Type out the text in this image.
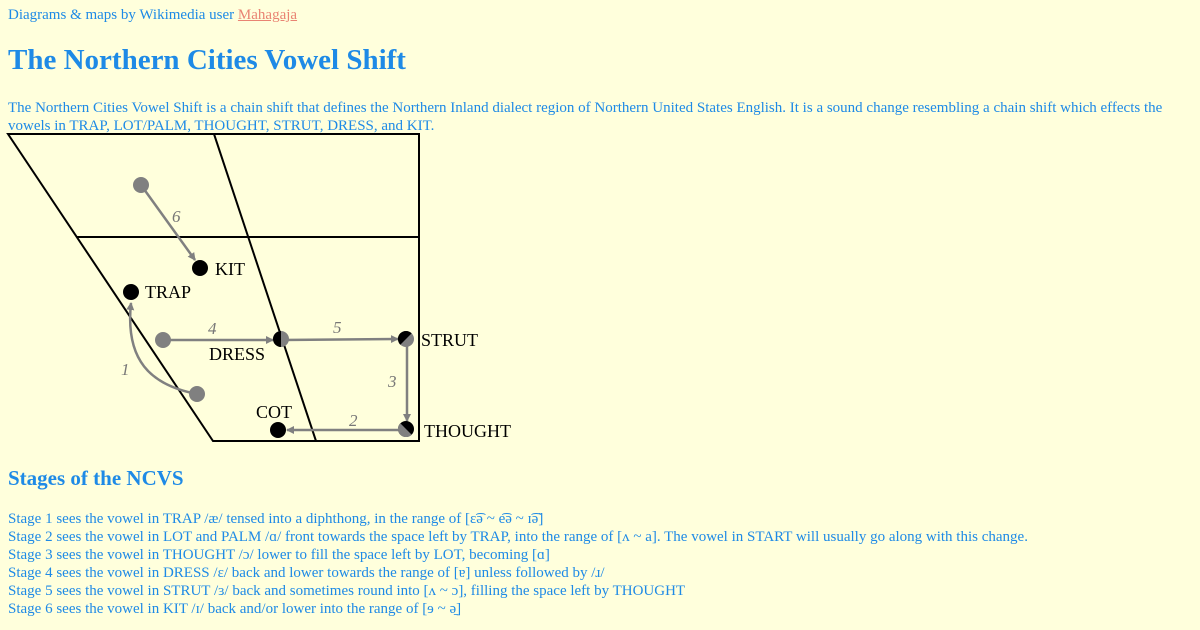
Diagrams & maps by Wikimedia user Mahagaja
The Northern Cities Vowel Shift

The Northern Cities Vowel Shift is a chain shift that defines the Northern Inland dialect region of Northern United States English. It is a sound change resembling a chain shift which effects the vowels in TRAP, LOT/PALM, THOUGHT, STRUT, DRESS, and KIT.

KIT
TRAP
DRESS
STRUT
COT
THOUGHT
1
2
3
4	5
6
Stages of the NCVS
Stage 1 sees the vowel in TRAP /æ/ tensed into a diphthong, in the range of [ɛ͡ə ~ e͡ə ~ ɪ͡ə]
Stage 2 sees the vowel in LOT and PALM /ɑ/ front towards the space left by TRAP, into the range of [ʌ ~ a]. The vowel in START will usually go along with this change.
Stage 3 sees the vowel in THOUGHT /ɔ/ lower to fill the space left by LOT, becoming [ɑ]
Stage 4 sees the vowel in DRESS /ɛ/ back and lower towards the range of [ɐ] unless followed by /ɹ/
Stage 5 sees the vowel in STRUT /ɜ/ back and sometimes round into [ʌ ~ ɔ], filling the space left by THOUGHT
Stage 6 sees the vowel in KIT /ɪ/ back and/or lower into the range of [ɘ ~ ə̠]
